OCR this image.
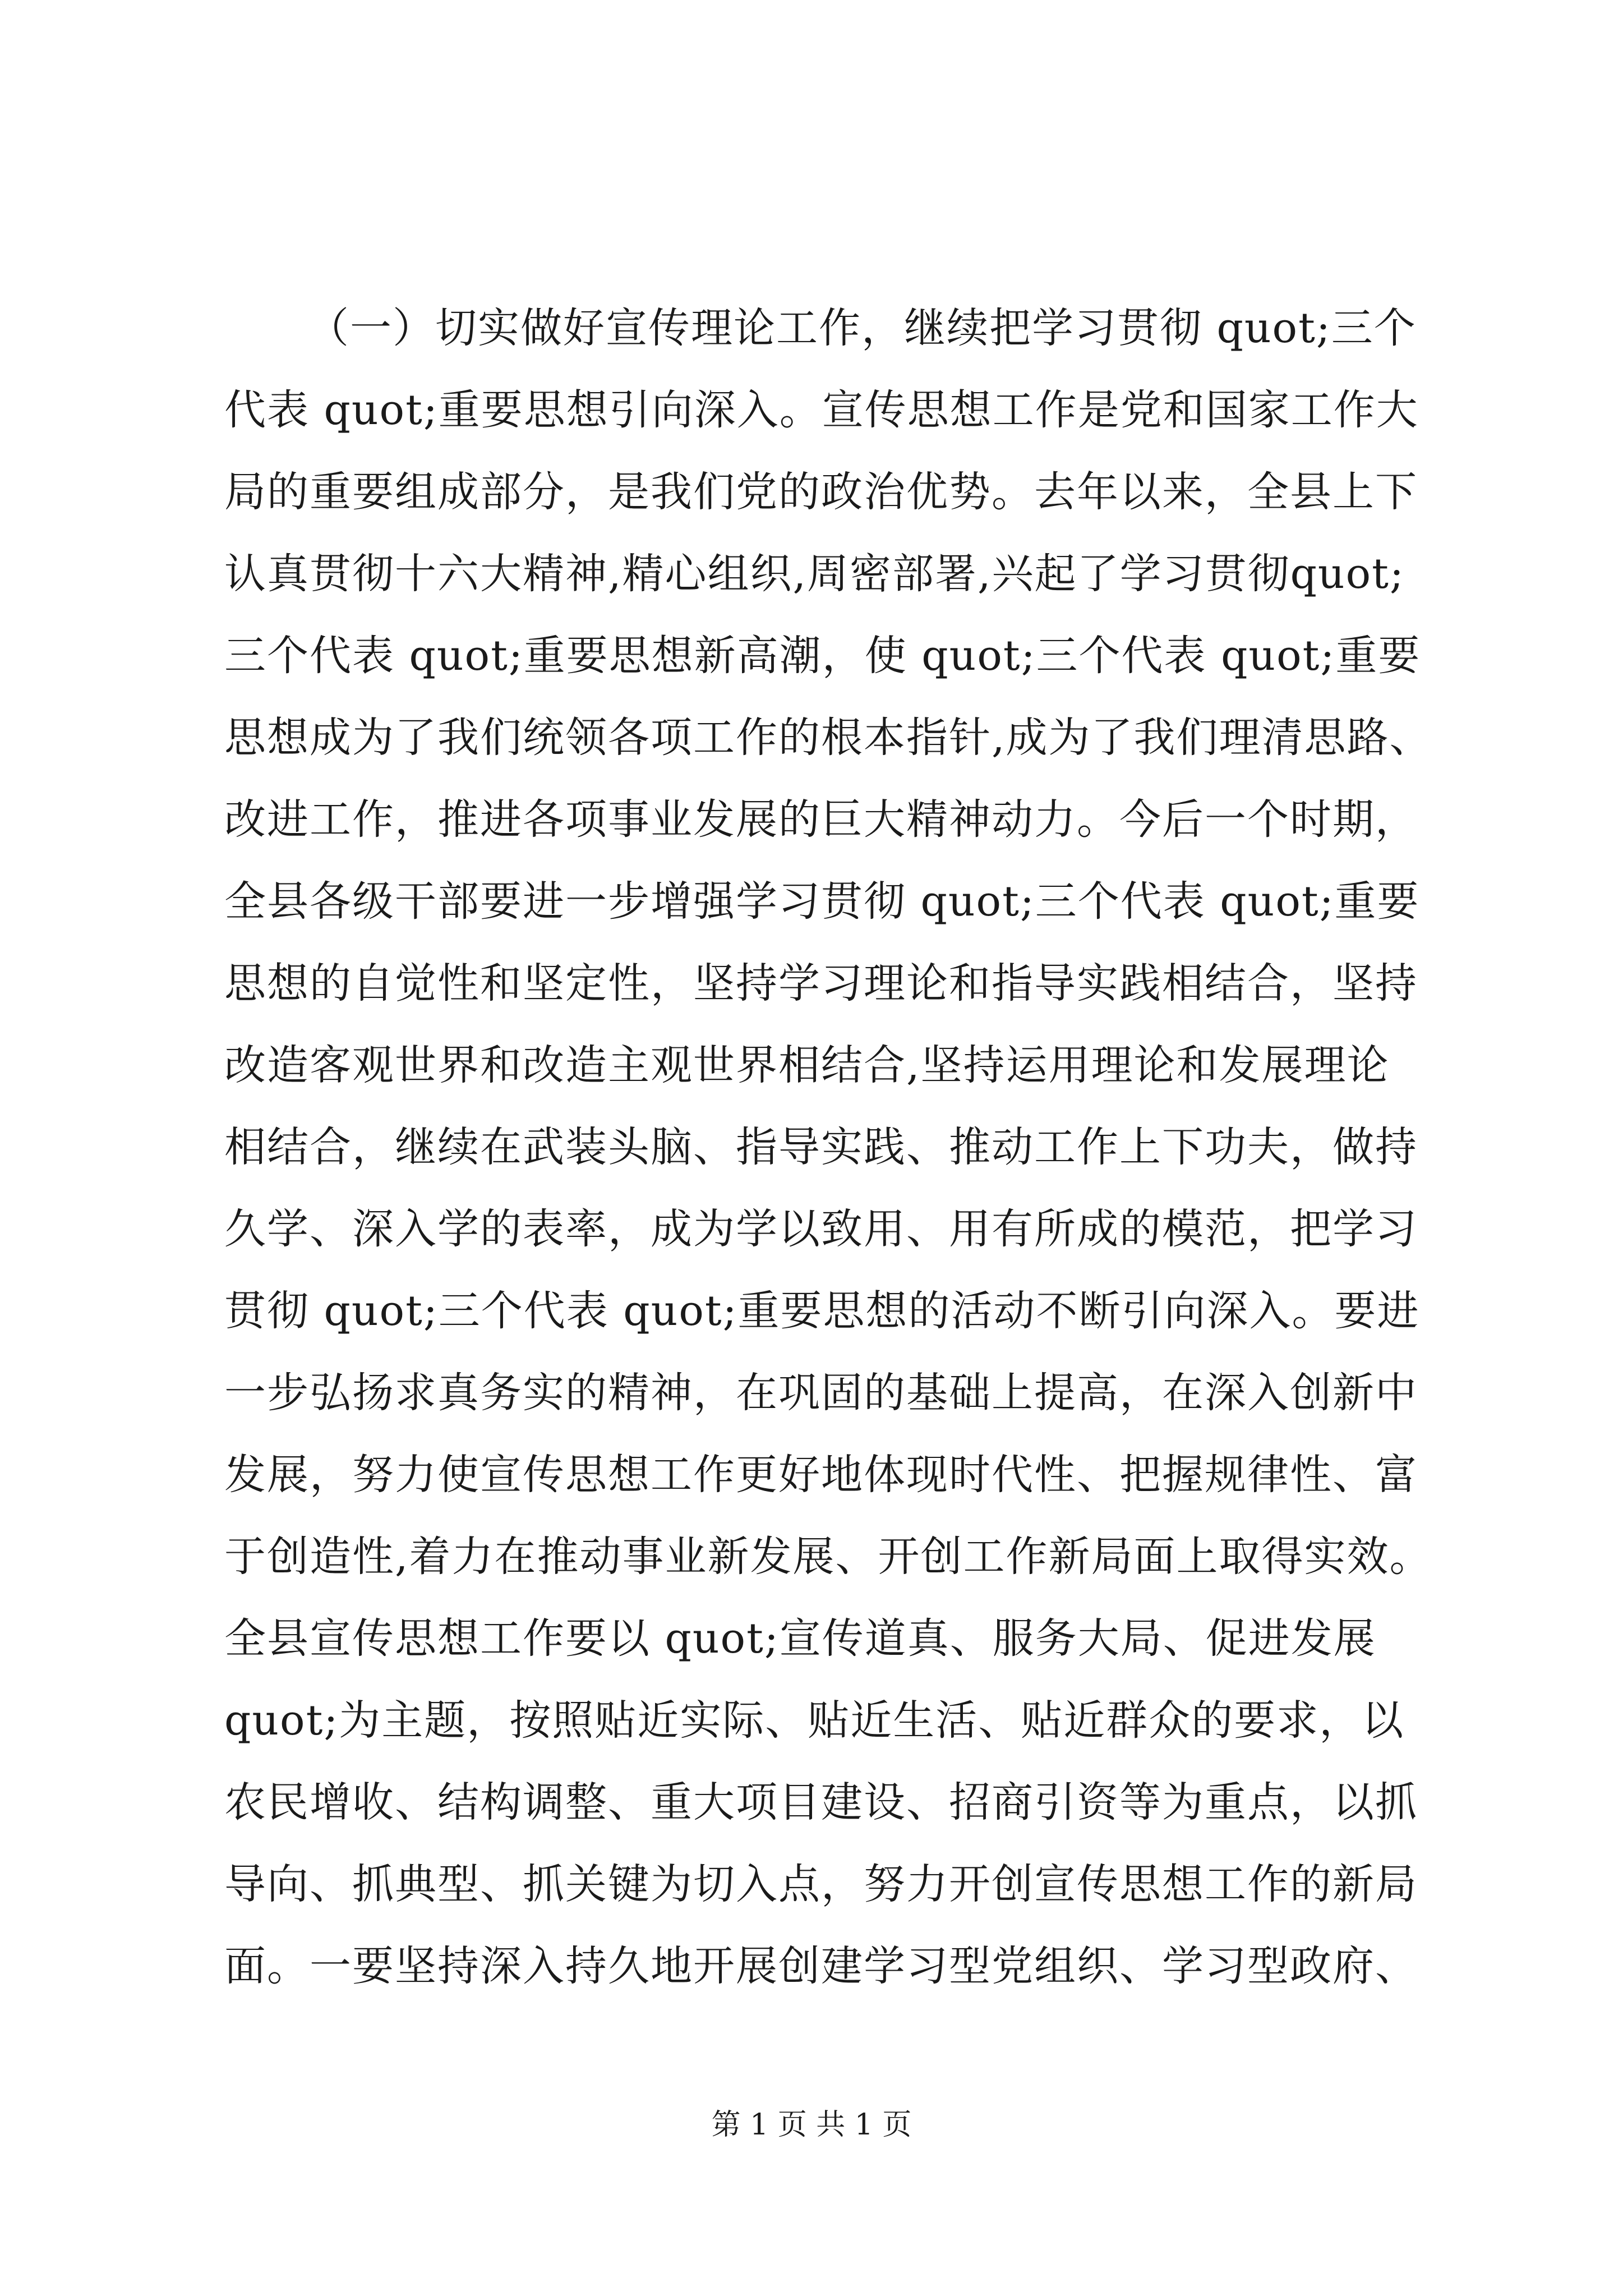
（一）切实做好宣传理论工作，继续把学习贯彻 quot;三个
代表 quot;重要思想引向深入。宣传思想工作是党和国家工作大
局的重要组成部分，是我们党的政治优势。去年以来，全县上下
认真贯彻十六大精神,精心组织,周密部署,兴起了学习贯彻quot;
三个代表 quot;重要思想新高潮，使 quot;三个代表 quot;重要
思想成为了我们统领各项工作的根本指针,成为了我们理清思路、
改进工作，推进各项事业发展的巨大精神动力。今后一个时期，
全县各级干部要进一步增强学习贯彻 quot;三个代表 quot;重要
思想的自觉性和坚定性，坚持学习理论和指导实践相结合，坚持
改造客观世界和改造主观世界相结合,坚持运用理论和发展理论
相结合，继续在武装头脑、指导实践、推动工作上下功夫，做持
久学、深入学的表率，成为学以致用、用有所成的模范，把学习
贯彻 quot;三个代表 quot;重要思想的活动不断引向深入。要进
一步弘扬求真务实的精神，在巩固的基础上提高，在深入创新中
发展，努力使宣传思想工作更好地体现时代性、把握规律性、富
于创造性,着力在推动事业新发展、开创工作新局面上取得实效。
全县宣传思想工作要以 quot;宣传道真、服务大局、促进发展
quot;为主题，按照贴近实际、贴近生活、贴近群众的要求，以
农民增收、结构调整、重大项目建设、招商引资等为重点，以抓
导向、抓典型、抓关键为切入点，努力开创宣传思想工作的新局
面。一要坚持深入持久地开展创建学习型党组织、学习型政府、

第 1 页 共 1 页
